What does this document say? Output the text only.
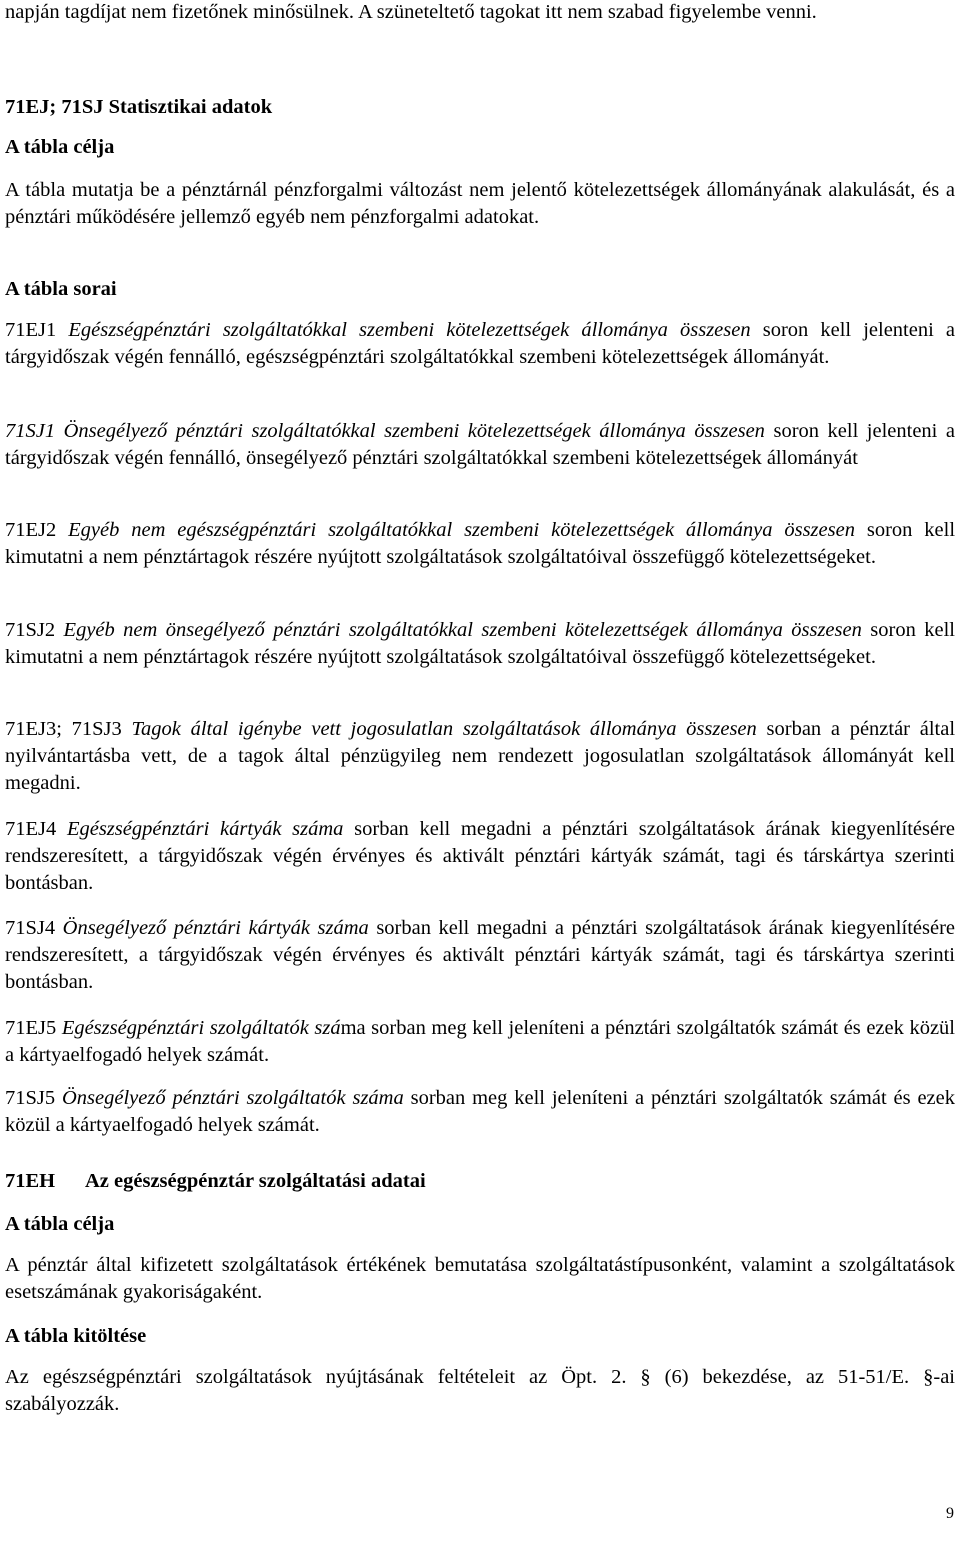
napján tagdíjat nem fizetőnek minősülnek. A szüneteltető tagokat itt nem szabad figyelembe venni.

71EJ; 71SJ Statisztikai adatok

A tábla célja

A tábla mutatja be a pénztárnál pénzforgalmi változást nem jelentő kötelezettségek állományának alakulását, és a pénztári működésére jellemző egyéb nem pénzforgalmi adatokat.

A tábla sorai

71EJ1 Egészségpénztári szolgáltatókkal szembeni kötelezettségek állománya összesen soron kell jelenteni a tárgyidőszak végén fennálló, egészségpénztári szolgáltatókkal szembeni kötelezettségek állományát.

71SJ1 Önsegélyező pénztári szolgáltatókkal szembeni kötelezettségek állománya összesen soron kell jelenteni a tárgyidőszak végén fennálló, önsegélyező pénztári szolgáltatókkal szembeni kötelezettségek állományát

71EJ2 Egyéb nem egészségpénztári szolgáltatókkal szembeni kötelezettségek állománya összesen soron kell kimutatni a nem pénztártagok részére nyújtott szolgáltatások szolgáltatóival összefüggő kötelezettségeket.

71SJ2 Egyéb nem önsegélyező pénztári szolgáltatókkal szembeni kötelezettségek állománya összesen soron kell kimutatni a nem pénztártagok részére nyújtott szolgáltatások szolgáltatóival összefüggő kötelezettségeket.

71EJ3; 71SJ3 Tagok által igénybe vett jogosulatlan szolgáltatások állománya összesen sorban a pénztár által nyilvántartásba vett, de a tagok által pénzügyileg nem rendezett jogosulatlan szolgáltatások állományát kell megadni.

71EJ4 Egészségpénztári kártyák száma sorban kell megadni a pénztári szolgáltatások árának kiegyenlítésére rendszeresített, a tárgyidőszak végén érvényes és aktivált pénztári kártyák számát, tagi és társkártya szerinti bontásban.

71SJ4 Önsegélyező pénztári kártyák száma sorban kell megadni a pénztári szolgáltatások árának kiegyenlítésére rendszeresített, a tárgyidőszak végén érvényes és aktivált pénztári kártyák számát, tagi és társkártya szerinti bontásban.

71EJ5 Egészségpénztári szolgáltatók száma sorban meg kell jeleníteni a pénztári szolgáltatók számát és ezek közül a kártyaelfogadó helyek számát.

71SJ5 Önsegélyező pénztári szolgáltatók száma sorban meg kell jeleníteni a pénztári szolgáltatók számát és ezek közül a kártyaelfogadó helyek számát.

71EH Az egészségpénztár szolgáltatási adatai

A tábla célja

A pénztár által kifizetett szolgáltatások értékének bemutatása szolgáltatástípusonként, valamint a szolgáltatások esetszámának gyakoriságaként.

A tábla kitöltése

Az egészségpénztári szolgáltatások nyújtásának feltételeit az Öpt. 2. § (6) bekezdése, az 51-51/E. §-ai szabályozzák.

9
